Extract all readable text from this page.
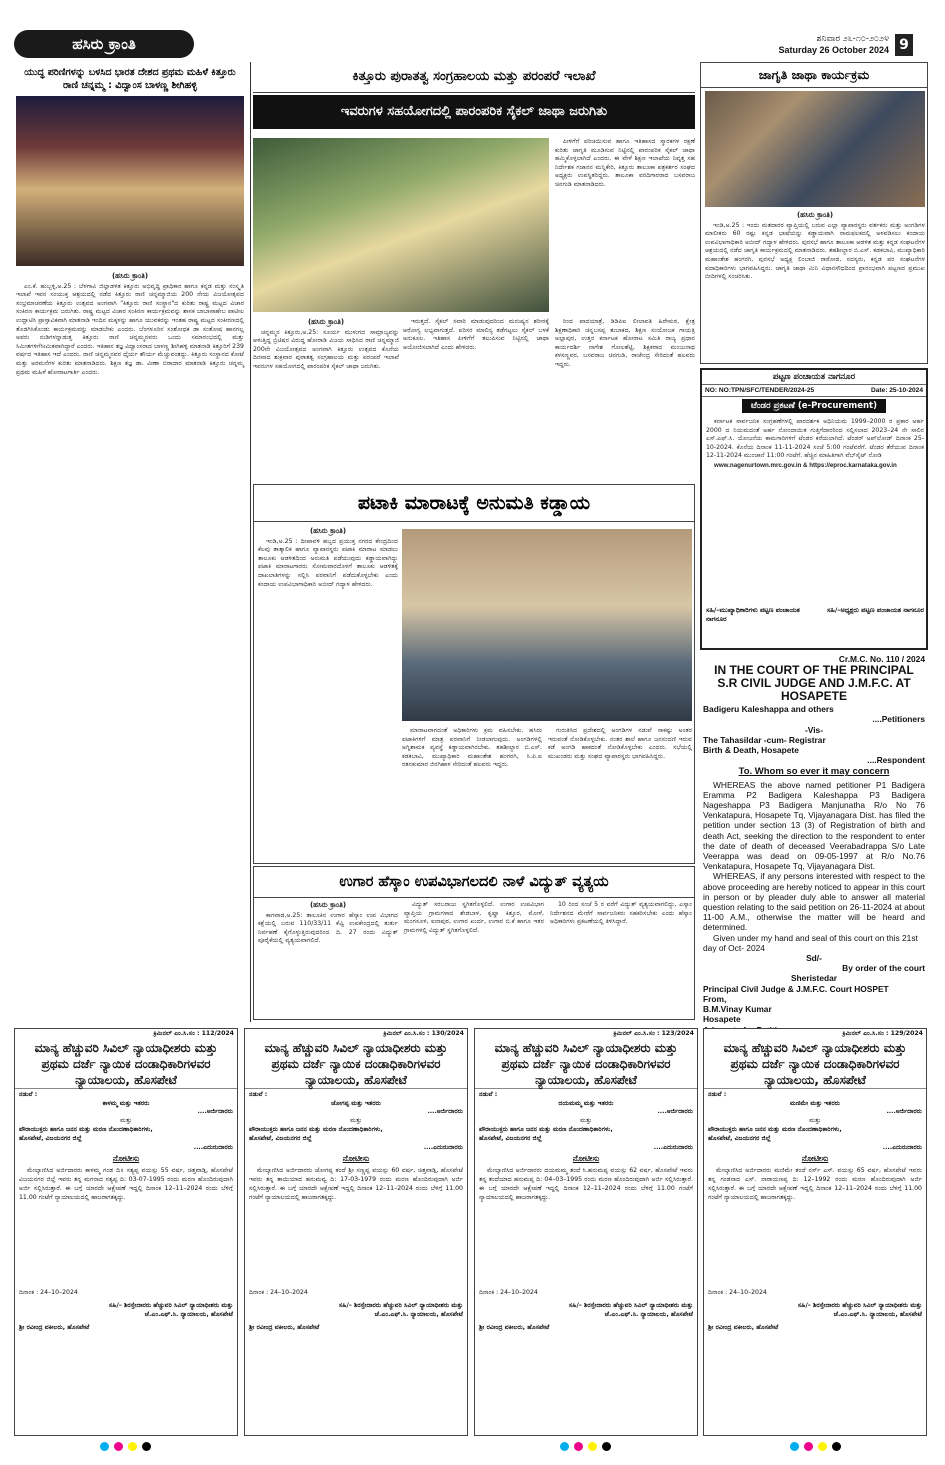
ಹಸಿರು ಕ್ರಾಂತಿ	ಶನಿವಾರ ೨೬-೧೦-೨೦೨೪
Saturday 26 October 2024 9
ಯುದ್ಧ ಪರಿಣಿಗಳನ್ನು ಬಳಸಿದ ಭಾರತ ದೇಶದ ಪ್ರಥಮ ಮಹಿಳೆ ಕಿತ್ತೂರು ರಾಣಿ ಚನ್ನಮ್ಮ : ವಿದ್ವಾಂಸ ಬಾಳಣ್ಣ ಶೀಗಿಹಳ್ಳಿ
(ಹಸಿರು ಕ್ರಾಂತಿ)

ಎಂ.ಕೆ. ಹುಬ್ಬಳ್ಳಿ,ಅ.25 : ಬೆಳಗಾವಿ ಜಿಲ್ಲಾಡಳಿತ ಕಿತ್ತೂರು ಅಭಿವೃದ್ಧಿ ಪ್ರಾಧಿಕಾರ ಹಾಗೂ ಕನ್ನಡ ಮತ್ತು ಸಂಸ್ಕೃತಿ ಇಲಾಖೆ ಇವರ ಸಂಯುಕ್ತ ಆಶ್ರಯದಲ್ಲಿ ನಡೆದ ಕಿತ್ತೂರು ರಾಣಿ ಚನ್ನಮ್ಮಾಜಿಯ 200 ನೇಯ ವಿಜಯೋತ್ಸವದ ಸಂಭ್ರಮಾಚರಣೆಯ ಕಿತ್ತೂರು ಉತ್ಸವದ ಅಂಗವಾಗಿ "ಕಿತ್ತೂರು ರಾಣಿ ಸಂಸ್ಥಾನ"ದ ಕುರಿತು ರಾಷ್ಟ್ರ ಮಟ್ಟದ ವಿಚಾರ ಸಂಕಿರಣ ಕಾರ್ಯಕ್ರಮ ಜರುಗಿತು. ರಾಷ್ಟ್ರ ಮಟ್ಟದ ವಿಚಾರ ಸಂಕಿರಣ ಕಾರ್ಯಕ್ರಮವನ್ನು ಶಾಸಕ ಬಾಬಾಸಾಹೇಬ ಪಾಟೀಲ ಉದ್ಘಾಟಿಸಿ ಪ್ರಾಸ್ತಾವಿಕವಾಗಿ ಮಾತನಾಡಿ ಇಂದಿನ ಮಕ್ಕಳನ್ನು ಹಾಗೂ ಯುವಕರನ್ನು ಇಂತಹ ರಾಷ್ಟ್ರ ಮಟ್ಟದ ಸಂಕೀರಣದಲ್ಲಿ ತೊಡಗಿಸಿಕೊಂಡು ಕಾರ್ಯಕ್ರಮವನ್ನು ಮಾಡಬೇಕು ಎಂದರು. ಬೆಂಗಳೂರಿನ ಸಂಶೋಧಕ ಡಾ ಸಂತೋಷ ಹಾನಗಲ್ಲ ಅವರು ನುಡಿಗಳನ್ನಾಡುತ್ತ ಕಿತ್ತೂರು ರಾಣಿ ಚನ್ನಮ್ಮನವರು ಒಂದು ಸಮಾರಂಭದಲ್ಲಿ ಮತ್ತು ಸಿಮೀತಗಳಿಗೆಸೀಮಿತವಾಗಿದ್ದಾರೆ ಎಂದರು. ಇತಿಹಾಸ ತಜ್ಞ ವಿದ್ವಾಂಸರಾದ ಬಾಳಣ್ಣ ಶೀಗಿಹಳ್ಳಿ ಮಾತನಾಡಿ ಕಿತ್ತೂರಿಗೆ 239 ವರ್ಷದ ಇತಿಹಾಸ ಇದೆ ಎಂದರು. ರಾಣಿ ಚನ್ನಮ್ಮನವರ ಧೈರ್ಯ ಶೌರ್ಯ ಮೆಚ್ಚುವಂತದ್ದು. ಕಿತ್ತೂರು ಸಂಸ್ಥಾನದ ಕೋಟೆ ಮತ್ತು ಅರಮನೆಗಳ ಕುರಿತು ಮಾತನಾಡಿದರು. ಶಿಕ್ಷಣ ತಜ್ಞ ಡಾ. ವೀಣಾ ಬಿರಾದಾರ ಮಾತನಾಡಿ ಕಿತ್ತೂರು ಚನ್ನಮ್ಮ ಪ್ರಥಮ ಮಹಿಳೆ ಹೋರಾಟಗಾರ್ತಿ ಎಂದರು.

ಕಿತ್ತೂರು ಪುರಾತತ್ವ ಸಂಗ್ರಹಾಲಯ ಮತ್ತು ಪರಂಪರೆ ಇಲಾಖೆ
ಇವರುಗಳ ಸಹಯೋಗದಲ್ಲಿ ಪಾರಂಪರಿಕ ಸೈಕಲ್ ಜಾಥಾ ಜರುಗಿತು

ಪೀಳಿಗೆಗೆ ಪರಿಚಯಿಸುವ ಹಾಗೂ ಇತಿಹಾಸದ ಸ್ಮಾರಕಗಳ ರಕ್ಷಣೆ ಕುರಿತು ಜಾಗೃತಿ ಮೂಡಿಸುವ ನಿಟ್ಟಿನಲ್ಲಿ ಪಾರಂಪರಿಕ ಸೈಕಲ್ ಜಾಥಾ ಹಮ್ಮಿಕೊಳ್ಳಲಾಗಿದೆ ಎಂದರು. ಈ ವೇಳೆ ಶಿಕ್ಷಣ ಇಲಾಖೆಯ ನಿವೃತ್ತ ಸಹ ನಿರ್ದೇಶಕ ಗಜಾನನ ಮನ್ನಿಕೇರಿ, ಕಿತ್ತೂರು ತಾಲೂಕಾ ಪತ್ರಕರ್ತರ ಸಂಘದ ಅಧ್ಯಕ್ಷರು ಉಪಸ್ಥಿತರಿದ್ದರು. ತಾಲೂಕಾ ವರದಿಗಾರರಾದ ಬಸವರಾಜ ಚಿನಗುಡಿ ಮಾತನಾಡಿದರು.

(ಹಸಿರು ಕ್ರಾಂತಿ)

ಚನ್ನಮ್ಮನ ಕಿತ್ತೂರು,ಅ.25: ಸೂರ್ಯ ಮುಳುಗದ ಸಾಮ್ರಾಜ್ಯವನ್ನು ಆಳುತ್ತಿದ್ದ ಬ್ರಿಟಿಷರ ವಿರುದ್ಧ ಹೋರಾಡಿ ವಿಜಯ ಸಾಧಿಸಿದ ರಾಣಿ ಚನ್ನಮ್ಮಾಜಿ 200ನೇ ವಿಜಯೋತ್ಸವದ ಅಂಗವಾಗಿ ಕಿತ್ತೂರು ಉತ್ಸವದ ಕೊನೆಯ ದಿನವಾದ ಶುಕ್ರವಾರ ಪುರಾತತ್ವ ಸಂಗ್ರಹಾಲಯ ಮತ್ತು ಪರಂಪರೆ ಇಲಾಖೆ ಇವರುಗಳ ಸಹಯೋಗದಲ್ಲಿ ಪಾರಂಪರಿಕ ಸೈಕಲ್ ಜಾಥಾ ಜರುಗಿತು.

ಇರುತ್ತದೆ. ಸೈಕಲ್ ಸವಾರಿ ಮಾಡುವುದರಿಂದ ಮನುಷ್ಯನ ಶರೀರಕ್ಕೆ ಆರೋಗ್ಯ ಲಭ್ಯವಾಗುತ್ತದೆ. ಪರಿಸರ ಮಾಲಿನ್ಯ ತಡೆಗಟ್ಟಲು ಸೈಕಲ್ ಬಳಕೆ ಅನುಕೂಲ. ಇತಿಹಾಸ ಪೀಳಿಗೆಗೆ ತಲುಪಿಸುವ ನಿಟ್ಟಿನಲ್ಲಿ ಜಾಥಾ ಆಯೋಜಿಸಲಾಗಿದೆ ಎಂದು ಹೇಳಿದರು.

ರಿಂದ ಪಾದಯಾತ್ರೆ, ಡಿಡಿಪಿಐ ಲೀಲಾವತಿ ಹಿರೇಮಠ, ಕ್ಷೇತ್ರ ಶಿಕ್ಷಣಾಧಿಕಾರಿ ಚನ್ನಬಸಪ್ಪ ತುಬಾಕದ, ಶಿಕ್ಷಣ ಸಂಯೋಜಕ ಗಾಯತ್ರಿ ಅಲ್ಲಾಪುರ, ಉತ್ತರ ಕರ್ನಾಟಕ ಹೋರಾಟ ಸಮಿತಿ ರಾಜ್ಯ ಪ್ರಧಾನ ಕಾರ್ಯದರ್ಶಿ ನಾಗೇಶ ಗೋಲಶೆಟ್ಟಿ, ಶಿಕ್ಷಕರಾದ ಮಂಜುನಾಥ ಕಳಸಣ್ಣವರ, ಬಸವರಾಜ ಚಿನಗುಡಿ, ರಾಜೇಂದ್ರ ಸೇರಿದಂತೆ ಹಲವರು ಇದ್ದರು.

ಪಟಾಕಿ ಮಾರಾಟಕ್ಕೆ ಅನುಮತಿ ಕಡ್ಡಾಯ
(ಹಸಿರು ಕ್ರಾಂತಿ)

ಇಂಡಿ,ಅ.25 : ದೀಪಾವಳಿ ಹಬ್ಬದ ಪ್ರಯುಕ್ತ ನಗರದ ಕೇಂದ್ರದಿಂದ ಕೆಲವು ತಾತ್ಕಾಲಿಕ ಹಾಗೂ ವ್ಯಾಪಾರಸ್ಥರು ಪಟಾಕಿ ಮಾರಾಟ ಮಾಡಲು ತಾಲೂಕು ಆಡಳಿತದಿಂದ ಅನುಮತಿ ಪಡೆಯುವುದು ಕಡ್ಡಾಯವಾಗಿದ್ದು ಪಟಾಕಿ ಮಾರಾಟಗಾರರು ಸೋಮವಾರದೊಳಗೆ ತಾಲೂಕು ಆಡಳಿತಕ್ಕೆ ದಾಖಲಾತಿಗಳನ್ನು ಸಲ್ಲಿಸಿ ಪರವಾನಿಗೆ ಪಡೆದುಕೊಳ್ಳಬೇಕು ಎಂದು ಕಂದಾಯ ಉಪವಿಭಾಗಾಧಿಕಾರಿ ಅಬೀದ್ ಗದ್ಯಾಳ ಹೇಳಿದರು.

ಮಾರಾಟವಾಗದಂತೆ ಅಧಿಕಾರಿಗಳು ಕ್ರಮ ವಹಿಸಬೇಕು. ಹಸಿರು ಪಟಾಕಿಗಳಿಗೆ ಮಾತ್ರ ಪರವಾನಿಗೆ ನೀಡಲಾಗುವುದು. ಅಂಗಡಿಗಳಲ್ಲಿ ಅಗ್ನಿಶಾಮಕ ವ್ಯವಸ್ಥೆ ಕಡ್ಡಾಯವಾಗಿರಬೇಕು. ತಹಶೀಲ್ದಾರ ಬಿ.ಎಸ್. ಕಡಕಬಾವಿ, ಮುಖ್ಯಾಧಿಕಾರಿ ಮಹಾಂತೇಶ ಹಂಗರಗಿ, ಸಿ.ಪಿ.ಐ ರತನಕುಮಾರ ಜಿರಗಿಹಾಳ ಸೇರಿದಂತೆ ಹಲವರು ಇದ್ದರು.

ಗುರುತಿಸಿದ ಪ್ರದೇಶದಲ್ಲಿ ಅಂಗಡಿಗಳ ನಡುವೆ ಸಾಕಷ್ಟು ಅಂತರ ಇರುವಂತೆ ನೋಡಿಕೊಳ್ಳಬೇಕು. ನಂತರ ಶಾಲೆ ಹಾಗೂ ಜನಸಂದಣಿ ಇರುವ ಕಡೆ ಅಂಗಡಿ ಹಾಕದಂತೆ ನೋಡಿಕೊಳ್ಳಬೇಕು ಎಂದರು. ಸಭೆಯಲ್ಲಿ ಮುಖಂಡರು ಮತ್ತು ಸಂಘದ ವ್ಯಾಪಾರಸ್ಥರು ಭಾಗವಹಿಸಿದ್ದರು.

ಉಗಾರ ಹೆಸ್ಕಾಂ ಉಪವಿಭಾಗಲದಲಿ ನಾಳೆ ವಿದ್ಯುತ್ ವ್ಯತ್ಯಯ
(ಹಸಿರು ಕ್ರಾಂತಿ)

ಕಾಗವಾಡ,ಅ.25: ತಾಲೂಕಿನ ಉಗಾರ ಹೆಸ್ಕಾಂ ಉಪ ವಿಭಾಗದ ಕಕ್ಷೆಯಲ್ಲಿ ಬರುವ 110/33/11 ಕೆವ್ವಿ ಉಪಕೇಂದ್ರದಲ್ಲಿ ತುರ್ತು ನಿರ್ವಹಣೆ ಕೈಗೊಳ್ಳುತ್ತಿರುವುದರಿಂದ ದಿ. 27 ರಂದು ವಿದ್ಯುತ್ ಪೂರೈಕೆಯಲ್ಲಿ ವ್ಯತ್ಯಯವಾಗಲಿದೆ.

ವಿದ್ಯುತ್ ಸರಬರಾಜು ಸ್ಥಗಿತಗೊಳ್ಳಲಿದೆ. ಉಗಾರ ಉಪವಿಭಾಗ ವ್ಯಾಪ್ತಿಯ ಗ್ರಾಮಗಳಾದ ಶೇಡಬಾಳ, ಕೃಷ್ಣಾ ಕಿತ್ತೂರ, ಮೋಳೆ, ಮಂಗಸೂಳಿ, ಐನಾಪುರ, ಉಗಾರ ಖುರ್ದ, ಉಗಾರ ಬಿ.ಕೆ ಹಾಗೂ ಇತರ ಗ್ರಾಮಗಳಲ್ಲಿ ವಿದ್ಯುತ್ ಸ್ಥಗಿತಗೊಳ್ಳಲಿದೆ.

10 ರಿಂದ ಸಂಜೆ 5 ರ ವರೆಗೆ ವಿದ್ಯುತ್ ವ್ಯತ್ಯಯವಾಗಲಿದ್ದು, ಎಸ್ಕಾಂ ನಿರ್ದೇಶನದ ಮೇರೆಗೆ ಸಾರ್ವಜನಿಕರು ಸಹಕರಿಸಬೇಕು ಎಂದು ಹೆಸ್ಕಾಂ ಅಧಿಕಾರಿಗಳು ಪ್ರಕಟಣೆಯಲ್ಲಿ ತಿಳಿಸಿದ್ದಾರೆ.

ಜಾಗೃತಿ ಜಾಥಾ ಕಾರ್ಯಕ್ರಮ
(ಹಸಿರು ಕ್ರಾಂತಿ)

ಇಂಡಿ,ಅ.25 : ಇಂದು ಮತದಾರರ ವ್ಯಾಪ್ತಿಯಲ್ಲಿ ಬರುವ ಎಲ್ಲಾ ವ್ಯಾಪಾರಸ್ಥರು ವರ್ತಕರು ಮತ್ತು ಅಂಗಡಿಗಳ ಮಾಲೀಕರು 60 ರಷ್ಟು ಕನ್ನಡ ಭಾಷೆಯನ್ನು ಕಡ್ಡಾಯವಾಗಿ ನಾಮಫಲಕದಲ್ಲಿ ಅಳವಡಿಸಲು ಕಂದಾಯ ಉಪವಿಭಾಗಾಧಿಕಾರಿ ಅಬೀದ್ ಗದ್ಯಾಳ ಹೇಳಿದರು. ಪುರಸಭೆ ಹಾಗೂ ತಾಲೂಕಾ ಆಡಳಿತ ಮತ್ತು ಕನ್ನಡ ಸಂಘಟನೆಗಳ ಆಶ್ರಯದಲ್ಲಿ ನಡೆದ ಜಾಗೃತಿ ಕಾರ್ಯಕ್ರಮದಲ್ಲಿ ಮಾತನಾಡಿದರು. ತಹಶೀಲ್ದಾರ ಬಿ.ಎಸ್. ಕಡಕಬಾವಿ, ಮುಖ್ಯಾಧಿಕಾರಿ ಮಹಾಂತೇಶ ಹಂಗರಗಿ, ಪುರಸಭೆ ಅಧ್ಯಕ್ಷ ಲಿಂಬಾಜಿ ರಾಠೋಡ, ಸದಸ್ಯರು, ಕನ್ನಡ ಪರ ಸಂಘಟನೆಗಳ ಪದಾಧಿಕಾರಿಗಳು ಭಾಗವಹಿಸಿದ್ದರು. ಜಾಗೃತಿ ಜಾಥಾ ಮಿನಿ ವಿಧಾನಸೌಧದಿಂದ ಪ್ರಾರಂಭವಾಗಿ ಪಟ್ಟಣದ ಪ್ರಮುಖ ಬೀದಿಗಳಲ್ಲಿ ಸಂಚರಿಸಿತು.

ಪಟ್ಟಣ ಪಂಚಾಯತ ನಾಗನೂರ
NO: NO:TPN/SFC/TENDER/2024-25	Date: 25-10-2024
ಟೆಂಡರ ಪ್ರಕಟಣೆ (e-Procurement)

ಕರ್ನಾಟಕ ಸಾರ್ವಜನಿಕ ಸಂಗ್ರಹಣೆಗಳಲ್ಲಿ ಪಾರದರ್ಶಕ ಅಧಿನಿಯಮ 1999–2000 ರ ಪ್ರಕಾರ ಅರ್ಹ 2000 ದ ನಿಯಮದಂತೆ ಅರ್ಹ ನೋಂದಾಯಿತ ಗುತ್ತಿಗೆದಾರರಿಂದ ಸಲ್ಲಿಸಲಾದ 2023–24 ನೇ ಸಾಲಿನ ಎಸ್.ಎಫ್.ಸಿ. ಯೋಜನೆಯ ಕಾಮಗಾರಿಗಳಿಗೆ ಟೆಂಡರ ಕರೆಯಲಾಗಿದೆ. ಟೆಂಡರ್ ಅಪ್‌ಲೋಡ್ ದಿನಾಂಕ 25-10-2024. ಕೊನೆಯ ದಿನಾಂಕ 11-11-2024 ಸಂಜೆ 5:00 ಗಂಟೆವರೆಗೆ. ಟೆಂಡರ ತೆರೆಯುವ ದಿನಾಂಕ 12-11-2024 ಮುಂಜಾನೆ 11:00 ಗಂಟೆಗೆ. ಹೆಚ್ಚಿನ ಮಾಹಿತಿಗಾಗಿ ವೆಬ್‌ಸೈಟ್ ನೋಡಿ

www.nagenurtown.mrc.gov.in & https://eproc.karnataka.gov.in

ಸಹಿ/–ಮುಖ್ಯಾಧಿಕಾರಿಗಳು ಪಟ್ಟಣ ಪಂಚಾಯತ ನಾಗನೂರ
ಸಹಿ/–ಅಧ್ಯಕ್ಷರು ಪಟ್ಟಣ ಪಂಚಾಯತ ನಾಗನೂರ
Cr.M.C. No. 110 / 2024
IN THE COURT OF THE PRINCIPAL S.R CIVIL JUDGE AND J.M.F.C. AT HOSAPETE
Badigeru Kaleshappa and others
....Petitioners
-Vis-
The Tahasildar -cum- Registrar Birth & Death, Hosapete
....Respondent
To. Whom so ever it may concern
WHEREAS the above named petitioner P1 Badigera Eramma P2 Badigera Kaleshappa P3 Badigera Nageshappa P3 Badigera Manjunatha R/o No 76 Venkatapura, Hosapete Tq, Vijayanagara Dist. has filed the petition under section 13 (3) of Registration of birth and death Act, seeking the direction to the respondent to enter the date of death of deceased Veerabadrappa S/o Late Veerappa was dead on 09-05-1997 at R/o No.76 Venkatapura, Hosapete Tq, Vijayanagara Dist.
WHEREAS, if any persons interested with respect to the above proceeding are hereby noticed to appear in this court in person or by pleader duly able to answer all material question relating to the said petition on 26-11-2024 at about 11-00 A.M., otherwise the matter will be heard and determined.
Given under my hand and seal of this court on this 21st day of Oct- 2024
Sd/-
By order of the court
Sheristedar
Principal Civil Judge & J.M.F.C. Court HOSPET
From,
B.M.Vinay Kumar
Hosapete
ಕ್ರಿಮಿನಲ್ ಎಂ.ಸಿ.ಸಂ : 112/2024
ಮಾನ್ಯ ಹೆಚ್ಚುವರಿ ಸಿವಿಲ್ ನ್ಯಾಯಾಧೀಶರು ಮತ್ತು ಪ್ರಥಮ ದರ್ಜೆ ನ್ಯಾಯಿಕ ದಂಡಾಧಿಕಾರಿಗಳವರ ನ್ಯಾಯಾಲಯ, ಹೊಸಪೇಟೆ
ನಡುವೆ :
ಕಾಳಮ್ಮ ಮತ್ತು ಇತರರು
....ಅರ್ಜಿದಾರರು
ಮತ್ತು
ಪೌರಾಯುಕ್ತರು ಹಾಗೂ ಜನನ ಮತ್ತು ಮರಣ ನೊಂದಣಾಧಿಕಾರಿಗಳು, ಹೊಸಪೇಟೆ, ವಿಜಯನಗರ ಜಿಲ್ಲೆ
....ಎದುರುದಾರರು
ನೋಟೀಸು
ಮೇಲ್ಕಾಣಿಸಿದ ಅರ್ಜಿದಾರರು ಕಾಳಮ್ಮ ಗಂಡ ದಿ॥ ಸತ್ಯಪ್ಪ ವಯಸ್ಸು 55 ವರ್ಷ, ಚಿತ್ತವಾಡ್ಗಿ, ಹೊಸಪೇಟೆ ವಿಜಯನಗರ ಜಿಲ್ಲೆ ಇವರು ತನ್ನ ಮಗನಾದ ಸತ್ಯಪ್ಪ ದಿ: 03-07-1995 ರಂದು ಮರಣ ಹೊಂದಿರುವುದಾಗಿ ಅರ್ಜಿ ಸಲ್ಲಿಸಿರುತ್ತಾರೆ. ಈ ಬಗ್ಗೆ ಯಾರದೇ ಆಕ್ಷೇಪಣೆ ಇದ್ದಲ್ಲಿ ದಿನಾಂಕ 12–11–2024 ರಂದು ಬೆಳಿಗ್ಗೆ 11.00 ಗಂಟೆಗೆ ನ್ಯಾಯಾಲಯದಲ್ಲಿ ಹಾಜರಾಗತಕ್ಕದ್ದು.
ದಿನಾಂಕ : 24–10–2024
ಸಹಿ/– ಶಿರಸ್ತೇದಾರರು ಹೆಚ್ಚುವರಿ ಸಿವಿಲ್ ನ್ಯಾಯಾಧೀಶರು ಮತ್ತು ಜೆ.ಎಂ.ಎಫ್.ಸಿ. ನ್ಯಾಯಾಲಯ, ಹೊಸಪೇಟೆ
ಶ್ರೀ ರವೀಂದ್ರ ವಕೀಲರು, ಹೊಸಪೇಟೆ
ಕ್ರಿಮಿನಲ್ ಎಂ.ಸಿ.ಸಂ : 130/2024
ಮಾನ್ಯ ಹೆಚ್ಚುವರಿ ಸಿವಿಲ್ ನ್ಯಾಯಾಧೀಶರು ಮತ್ತು ಪ್ರಥಮ ದರ್ಜೆ ನ್ಯಾಯಿಕ ದಂಡಾಧಿಕಾರಿಗಳವರ ನ್ಯಾಯಾಲಯ, ಹೊಸಪೇಟೆ
ನಡುವೆ :
ಜೋಗಪ್ಪ ಮತ್ತು ಇತರರು
....ಅರ್ಜಿದಾರರು
ಮತ್ತು
ಪೌರಾಯುಕ್ತರು ಹಾಗೂ ಜನನ ಮತ್ತು ಮರಣ ನೊಂದಣಾಧಿಕಾರಿಗಳು, ಹೊಸಪೇಟೆ, ವಿಜಯನಗರ ಜಿಲ್ಲೆ
....ಎದುರುದಾರರು
ನೋಟೀಸು
ಮೇಲ್ಕಾಣಿಸಿದ ಅರ್ಜಿದಾರರು ಜೋಗಪ್ಪ ತಂದೆ ಶ್ರೀ ಸಣ್ಣಪ್ಪ ವಯಸ್ಸು 60 ವರ್ಷ, ಚಿತ್ತವಾಡ್ಗಿ, ಹೊಸಪೇಟೆ ಇವರು ತನ್ನ ತಾಯಿಯಾದ ಹನುಮವ್ವ ದಿ: 17-03-1979 ರಂದು ಮರಣ ಹೊಂದಿರುವುದಾಗಿ ಅರ್ಜಿ ಸಲ್ಲಿಸಿರುತ್ತಾರೆ. ಈ ಬಗ್ಗೆ ಯಾರದೇ ಆಕ್ಷೇಪಣೆ ಇದ್ದಲ್ಲಿ ದಿನಾಂಕ 12–11–2024 ರಂದು ಬೆಳಿಗ್ಗೆ 11.00 ಗಂಟೆಗೆ ನ್ಯಾಯಾಲಯದಲ್ಲಿ ಹಾಜರಾಗತಕ್ಕದ್ದು.
ದಿನಾಂಕ : 24–10–2024
ಸಹಿ/– ಶಿರಸ್ತೇದಾರರು ಹೆಚ್ಚುವರಿ ಸಿವಿಲ್ ನ್ಯಾಯಾಧೀಶರು ಮತ್ತು ಜೆ.ಎಂ.ಎಫ್.ಸಿ. ನ್ಯಾಯಾಲಯ, ಹೊಸಪೇಟೆ
ಶ್ರೀ ರವೀಂದ್ರ ವಕೀಲರು, ಹೊಸಪೇಟೆ
ಕ್ರಿಮಿನಲ್ ಎಂ.ಸಿ.ಸಂ : 123/2024
ಮಾನ್ಯ ಹೆಚ್ಚುವರಿ ಸಿವಿಲ್ ನ್ಯಾಯಾಧೀಶರು ಮತ್ತು ಪ್ರಥಮ ದರ್ಜೆ ನ್ಯಾಯಿಕ ದಂಡಾಧಿಕಾರಿಗಳವರ ನ್ಯಾಯಾಲಯ, ಹೊಸಪೇಟೆ
ನಡುವೆ :
ದಯಮಮ್ಮ ಮತ್ತು ಇತರರು
....ಅರ್ಜಿದಾರರು
ಮತ್ತು
ಪೌರಾಯುಕ್ತರು ಹಾಗೂ ಜನನ ಮತ್ತು ಮರಣ ನೊಂದಣಾಧಿಕಾರಿಗಳು, ಹೊಸಪೇಟೆ, ವಿಜಯನಗರ ಜಿಲ್ಲೆ
....ಎದುರುದಾರರು
ನೋಟೀಸು
ಮೇಲ್ಕಾಣಿಸಿದ ಅರ್ಜಿದಾರರು ದಯಮಮ್ಮ ತಂದೆ ಸಿ.ಹನುಮಪ್ಪ ವಯಸ್ಸು 62 ವರ್ಷ, ಹೊಸಪೇಟೆ ಇವರು ತನ್ನ ತಂದೆಯಾದ ಹನುಮಪ್ಪ ದಿ: 04–03–1995 ರಂದು ಮರಣ ಹೊಂದಿರುವುದಾಗಿ ಅರ್ಜಿ ಸಲ್ಲಿಸಿರುತ್ತಾರೆ. ಈ ಬಗ್ಗೆ ಯಾರದೇ ಆಕ್ಷೇಪಣೆ ಇದ್ದಲ್ಲಿ ದಿನಾಂಕ 12–11–2024 ರಂದು ಬೆಳಿಗ್ಗೆ 11.00 ಗಂಟೆಗೆ ನ್ಯಾಯಾಲಯದಲ್ಲಿ ಹಾಜರಾಗತಕ್ಕದ್ದು.
ದಿನಾಂಕ : 24–10–2024
ಸಹಿ/– ಶಿರಸ್ತೇದಾರರು ಹೆಚ್ಚುವರಿ ಸಿವಿಲ್ ನ್ಯಾಯಾಧೀಶರು ಮತ್ತು ಜೆ.ಎಂ.ಎಫ್.ಸಿ. ನ್ಯಾಯಾಲಯ, ಹೊಸಪೇಟೆ
ಶ್ರೀ ರವೀಂದ್ರ ವಕೀಲರು, ಹೊಸಪೇಟೆ
ಕ್ರಿಮಿನಲ್ ಎಂ.ಸಿ.ಸಂ : 129/2024
ಮಾನ್ಯ ಹೆಚ್ಚುವರಿ ಸಿವಿಲ್ ನ್ಯಾಯಾಧೀಶರು ಮತ್ತು ಪ್ರಥಮ ದರ್ಜೆ ನ್ಯಾಯಿಕ ದಂಡಾಧಿಕಾರಿಗಳವರ ನ್ಯಾಯಾಲಯ, ಹೊಸಪೇಟೆ
ನಡುವೆ :
ಮಣಿಮೇ ಮತ್ತು ಇತರರು
....ಅರ್ಜಿದಾರರು
ಮತ್ತು
ಪೌರಾಯುಕ್ತರು ಹಾಗೂ ಜನನ ಮತ್ತು ಮರಣ ನೊಂದಣಾಧಿಕಾರಿಗಳು, ಹೊಸಪೇಟೆ, ವಿಜಯನಗರ ಜಿಲ್ಲೆ
....ಎದುರುದಾರರು
ನೋಟೀಸು
ಮೇಲ್ಕಾಣಿಸಿದ ಅರ್ಜಿದಾರರು ಮಣಿಮೇ ತಂದೆ ನರ್ಸ್ ಎಸ್. ವಯಸ್ಸು 65 ವರ್ಷ, ಹೊಸಪೇಟೆ ಇವರು ತನ್ನ ಗಂಡನಾದ ಎಸ್. ನಾರಾಯಣಪ್ಪ ದಿ: 12–1992 ರಂದು ಮರಣ ಹೊಂದಿರುವುದಾಗಿ ಅರ್ಜಿ ಸಲ್ಲಿಸಿರುತ್ತಾರೆ. ಈ ಬಗ್ಗೆ ಯಾರದೇ ಆಕ್ಷೇಪಣೆ ಇದ್ದಲ್ಲಿ ದಿನಾಂಕ 12–11–2024 ರಂದು ಬೆಳಿಗ್ಗೆ 11.00 ಗಂಟೆಗೆ ನ್ಯಾಯಾಲಯದಲ್ಲಿ ಹಾಜರಾಗತಕ್ಕದ್ದು.
ದಿನಾಂಕ : 24–10–2024
ಸಹಿ/– ಶಿರಸ್ತೇದಾರರು ಹೆಚ್ಚುವರಿ ಸಿವಿಲ್ ನ್ಯಾಯಾಧೀಶರು ಮತ್ತು ಜೆ.ಎಂ.ಎಫ್.ಸಿ. ನ್ಯಾಯಾಲಯ, ಹೊಸಪೇಟೆ
ಶ್ರೀ ರವೀಂದ್ರ ವಕೀಲರು, ಹೊಸಪೇಟೆ
